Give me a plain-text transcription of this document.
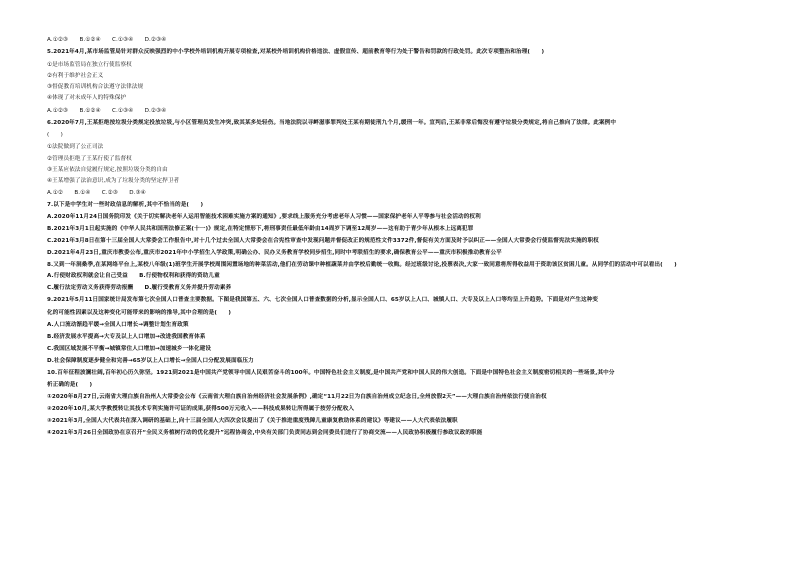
A.①②③　　B.①②④　　C.①③④　　D.②③④
5.2021年4月,某市场监管局针对群众反映强烈的中小学校外培训机构开展专项检查,对某校外培训机构价格违法、虚假宣传、超前教育等行为处于警告和罚款的行政处罚。此次专项整治和治理(　　)
①是市场监管局在独立行使监察权
②有利于维护社会正义
③督促教育培训机构合法遵守法律法规
④体现了对未成年人的特殊保护
A.①②③　　B.①②④　　C.①③④　　D.②③④
6.2020年7月,王某拒绝按垃圾分类规定投放垃圾,与小区管理员发生冲突,致其某多处轻伤。当地法院以寻衅滋事罪判处王某有期徒刑九个月,缓刑一年。宣判后,王某非常后悔没有遵守垃圾分类规定,将自己推向了法律。此案例中
(　　)
①法院做到了公正司法
②管理员拒绝了王某行使了监督权
③王某应依法自觉履行规定,按照垃圾分类的自由
④王某增强了法治意识,成为了垃圾分类的坚定捍卫者
A.①②　　B.①④　　C.②③　　D.③④
7.以下是中学生对一些时政信息的解析,其中不恰当的是(　　)
A.2020年11月24日国务院印发《关于切实解决老年人运用智能技术困难实施方案的通知》,要求线上服务充分考虑老年人习惯——国家保护老年人平等参与社会活动的权利
B.2021年3月1日起实施的《中华人民共和国刑法修正案(十一)》规定,在特定情形下,将刑事责任最低年龄由14周岁下调至12周岁——这有助于青少年从根本上远离犯罪
C.2021年3月8日在第十三届全国人大常委会工作报告中,对十几个过去全国人大常委会在合宪性审查中发现问题并督促改正的规范性文件3372件,督促有关方面及时予以纠正——全国人大常委会行使监督宪法实施的职权
D.2021年4月23日,重庆市教委公布,重庆市2021年中小学招生入学政策,明确公办、民办义务教育学校同步招生,同时中考联招生的要求,确保教育公平——重庆市积极推动教育公平
8.又到一年洞桑季,在某网络平台上,某校八年级(1)班学生开展学校周围闲置场地的种菜活动,他们在劳动课中种植蔬菜并由学校后勤统一收购。经过班级讨论,投票表决,大家一致同意将所得收益用于资助该区贫困儿童。从同学们的活动中可以看出(　　)
A.行使财政权利就会让自己受益　　B.行使物权利和获得的资助儿童
C.履行法定劳动义务获得劳动报酬　　D.履行受教育义务并提升劳动素养
9.2021年5月11日国家统计局发布第七次全国人口普查主要数据。下图是我国第五、六、七次全国人口普查数据的分析,显示全国人口、65岁以上人口、城镇人口、大专及以上人口等均呈上升趋势。下面是对产生这种变
化的可能性因素以及这种变化可能带来的影响的推导,其中合理的是(　　)
A.人口流动渐趋平缓→全国人口增长→调整计划生育政策
B.经济发展水平提高→大专及以上人口增加→改进我国教育体系
C.我国区域发展不平衡→城镇常住人口增加→加速城乡一体化建设
D.社会保障制度逐步健全和完善→65岁以上人口增长→全国人口分配发展面临压力
10.百年征程波澜壮阔,百年初心历久弥坚。1921到2021是中国共产党领导中国人民艰苦奋斗的100年。中国特色社会主义制度,是中国共产党和中国人民的伟大创造。下面是中国特色社会主义制度密切相关的一些场景,其中分
析正确的是(　　)
①2020年8月27日,云南省大理白族自治州人大常委会公布《云南省大理白族自治州经济社会发展条例》,确定“11月22日为白族自治州成立纪念日,全州放假2天”——大理白族自治州依法行使自治权
②2020年10月,某大学教授转让其技术专利实施许可证的成果,获得500万元收入——科技成果转让所得属于按劳分配收入
③2021年3月,全国人大代表共在深入调研的基础上,向十三届全国人大四次会议提出了《关于推进重度残障儿童康复救助体系的建议》等建议——人大代表依法履职
④2021年3月26日全国政协在京召开“全民义务植树行动的优化提升”远程协商会,中央有关部门负责同志到会同委员们进行了协商交流——人民政协积极履行参政议政的职能
